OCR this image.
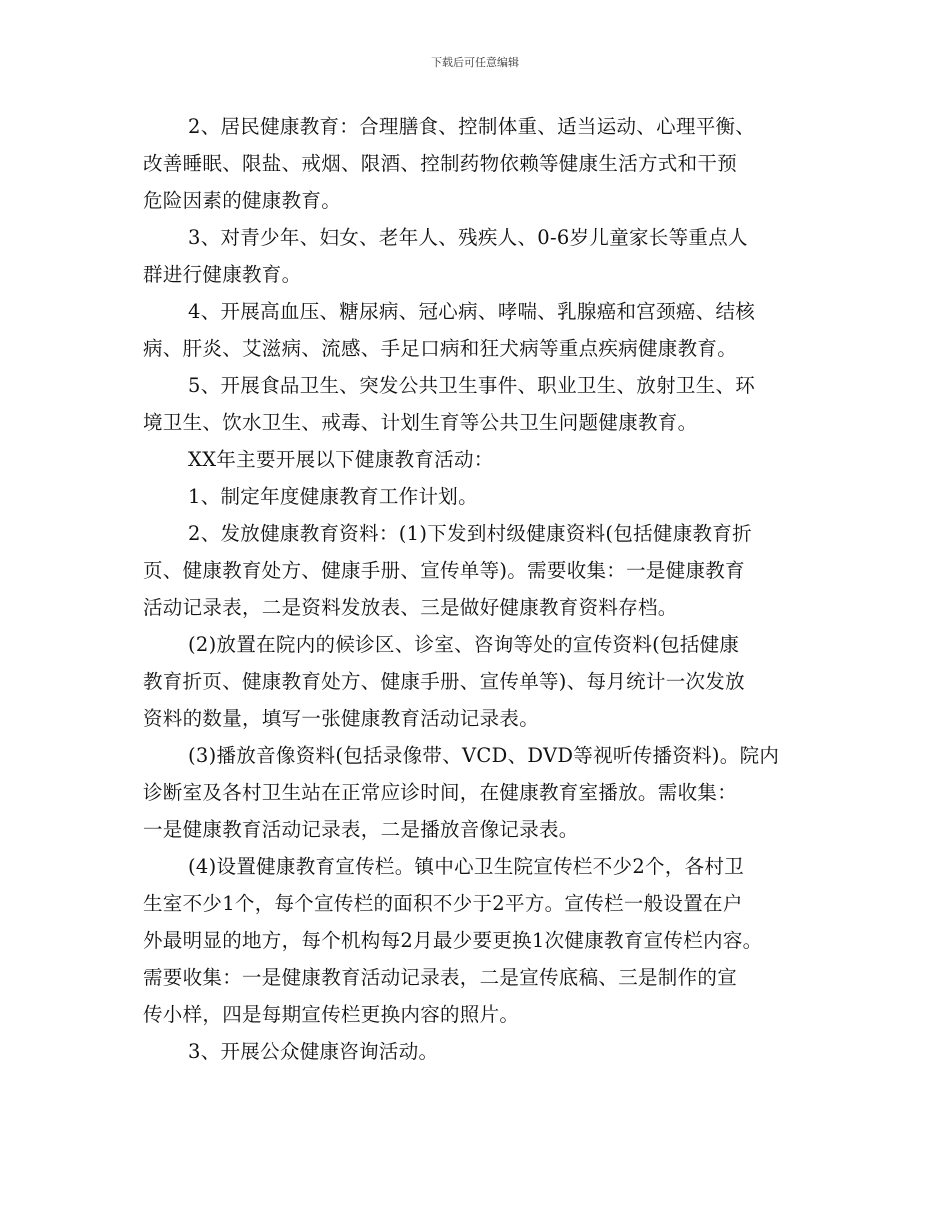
下载后可任意编辑
2、居民健康教育：合理膳食、控制体重、适当运动、心理平衡、
改善睡眠、限盐、戒烟、限酒、控制药物依赖等健康生活方式和干预
危险因素的健康教育。
3、对青少年、妇女、老年人、残疾人、0-6岁儿童家长等重点人
群进行健康教育。
4、开展高血压、糖尿病、冠心病、哮喘、乳腺癌和宫颈癌、结核
病、肝炎、艾滋病、流感、手足口病和狂犬病等重点疾病健康教育。
5、开展食品卫生、突发公共卫生事件、职业卫生、放射卫生、环
境卫生、饮水卫生、戒毒、计划生育等公共卫生问题健康教育。
XX年主要开展以下健康教育活动：
1、制定年度健康教育工作计划。
2、发放健康教育资料：(1)下发到村级健康资料(包括健康教育折
页、健康教育处方、健康手册、宣传单等)。需要收集：一是健康教育
活动记录表，二是资料发放表、三是做好健康教育资料存档。
(2)放置在院内的候诊区、诊室、咨询等处的宣传资料(包括健康
教育折页、健康教育处方、健康手册、宣传单等)、每月统计一次发放
资料的数量，填写一张健康教育活动记录表。
(3)播放音像资料(包括录像带、VCD、DVD等视听传播资料)。院内
诊断室及各村卫生站在正常应诊时间，在健康教育室播放。需收集：
一是健康教育活动记录表，二是播放音像记录表。
(4)设置健康教育宣传栏。镇中心卫生院宣传栏不少2个，各村卫
生室不少1个，每个宣传栏的面积不少于2平方。宣传栏一般设置在户
外最明显的地方，每个机构每2月最少要更换1次健康教育宣传栏内容。
需要收集：一是健康教育活动记录表，二是宣传底稿、三是制作的宣
传小样，四是每期宣传栏更换内容的照片。
3、开展公众健康咨询活动。
